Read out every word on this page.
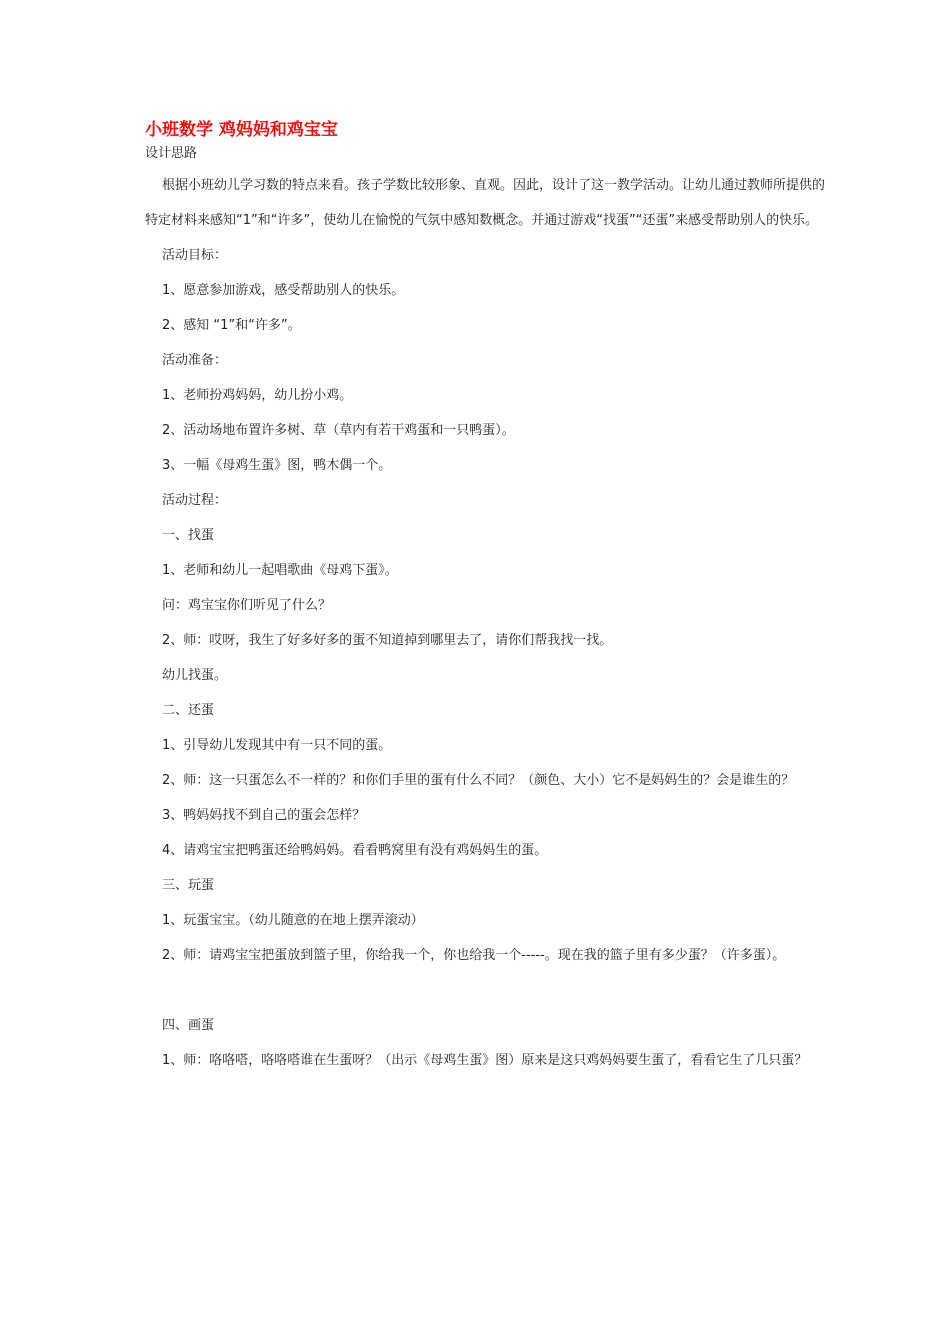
小班数学 鸡妈妈和鸡宝宝
设计思路

根据小班幼儿学习数的特点来看。孩子学数比较形象、直观。因此，设计了这一教学活动。让幼儿通过教师所提供的特定材料来感知“1”和“许多”，使幼儿在愉悦的气氛中感知数概念。并通过游戏“找蛋”“还蛋”来感受帮助别人的快乐。

活动目标：

1、愿意参加游戏，感受帮助别人的快乐。

2、感知 “1”和“许多”。

活动准备：

1、老师扮鸡妈妈，幼儿扮小鸡。

2、活动场地布置许多树、草（草内有若干鸡蛋和一只鸭蛋）。

3、一幅《母鸡生蛋》图，鸭木偶一个。

活动过程：

一、找蛋

1、老师和幼儿一起唱歌曲《母鸡下蛋》。

问：鸡宝宝你们听见了什么？

2、师：哎呀，我生了好多好多的蛋不知道掉到哪里去了，请你们帮我找一找。

幼儿找蛋。

二、还蛋

1、引导幼儿发现其中有一只不同的蛋。

2、师：这一只蛋怎么不一样的？和你们手里的蛋有什么不同？（颜色、大小）它不是妈妈生的？会是谁生的？

3、鸭妈妈找不到自己的蛋会怎样？

4、请鸡宝宝把鸭蛋还给鸭妈妈。看看鸭窝里有没有鸡妈妈生的蛋。

三、玩蛋

1、玩蛋宝宝。（幼儿随意的在地上摆弄滚动）

2、师：请鸡宝宝把蛋放到篮子里，你给我一个，你也给我一个-----。现在我的篮子里有多少蛋？（许多蛋）。

四、画蛋

1、师：咯咯嗒，咯咯嗒谁在生蛋呀？（出示《母鸡生蛋》图）原来是这只鸡妈妈要生蛋了，看看它生了几只蛋？
